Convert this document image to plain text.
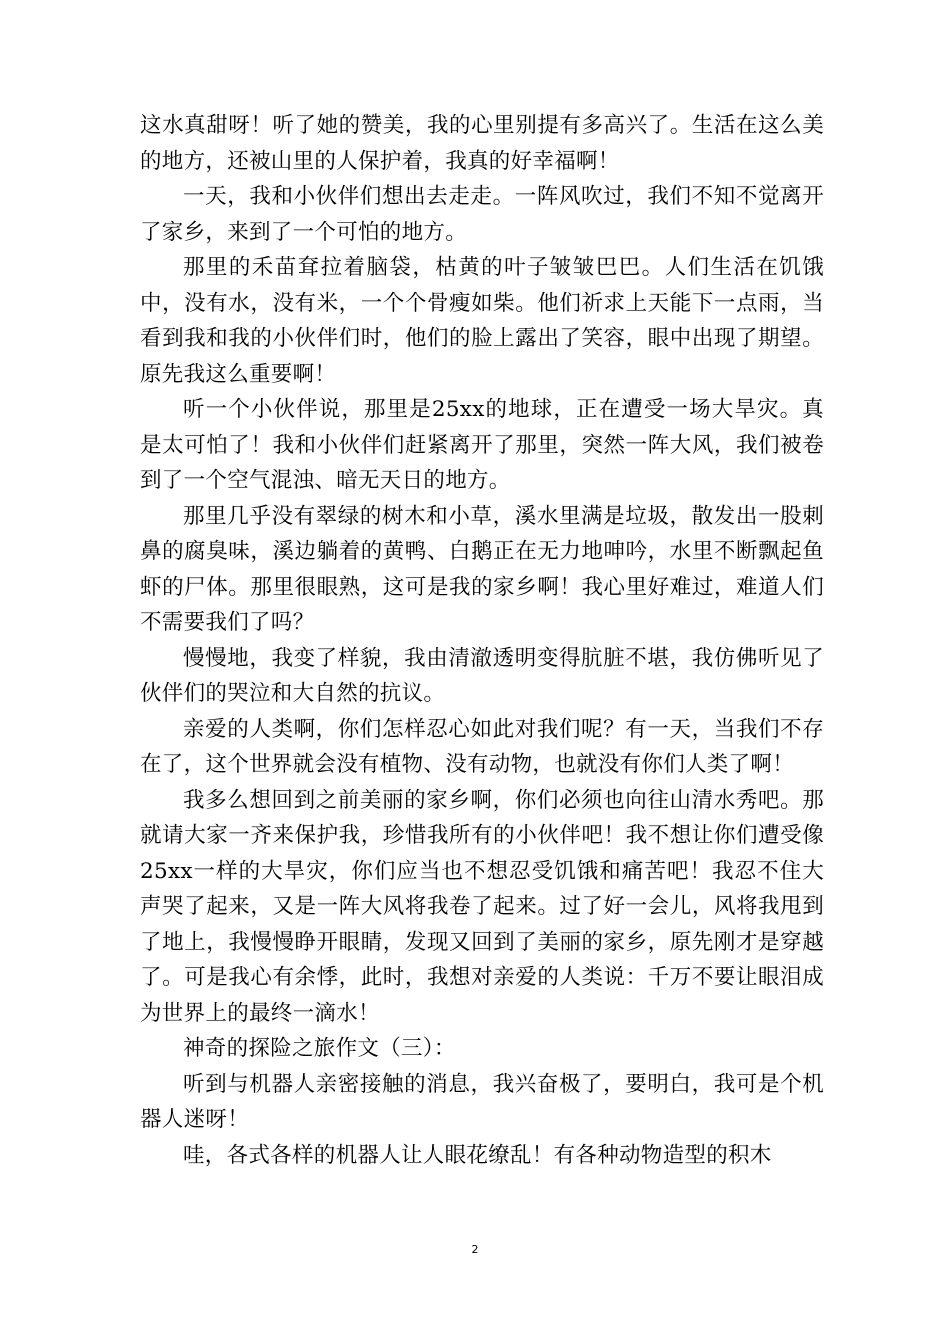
这水真甜呀！听了她的赞美，我的心里别提有多高兴了。生活在这么美的地方，还被山里的人保护着，我真的好幸福啊！

一天，我和小伙伴们想出去走走。一阵风吹过，我们不知不觉离开了家乡，来到了一个可怕的地方。

那里的禾苗耷拉着脑袋，枯黄的叶子皱皱巴巴。人们生活在饥饿中，没有水，没有米，一个个骨瘦如柴。他们祈求上天能下一点雨，当看到我和我的小伙伴们时，他们的脸上露出了笑容，眼中出现了期望。原先我这么重要啊！

听一个小伙伴说，那里是25xx的地球，正在遭受一场大旱灾。真是太可怕了！我和小伙伴们赶紧离开了那里，突然一阵大风，我们被卷到了一个空气混浊、暗无天日的地方。

那里几乎没有翠绿的树木和小草，溪水里满是垃圾，散发出一股刺鼻的腐臭味，溪边躺着的黄鸭、白鹅正在无力地呻吟，水里不断飘起鱼虾的尸体。那里很眼熟，这可是我的家乡啊！我心里好难过，难道人们不需要我们了吗？

慢慢地，我变了样貌，我由清澈透明变得肮脏不堪，我仿佛听见了伙伴们的哭泣和大自然的抗议。

亲爱的人类啊，你们怎样忍心如此对我们呢？有一天，当我们不存在了，这个世界就会没有植物、没有动物，也就没有你们人类了啊！

我多么想回到之前美丽的家乡啊，你们必须也向往山清水秀吧。那就请大家一齐来保护我，珍惜我所有的小伙伴吧！我不想让你们遭受像25xx一样的大旱灾，你们应当也不想忍受饥饿和痛苦吧！我忍不住大声哭了起来，又是一阵大风将我卷了起来。过了好一会儿，风将我甩到了地上，我慢慢睁开眼睛，发现又回到了美丽的家乡，原先刚才是穿越了。可是我心有余悸，此时，我想对亲爱的人类说：千万不要让眼泪成为世界上的最终一滴水！

神奇的探险之旅作文（三）：

听到与机器人亲密接触的消息，我兴奋极了，要明白，我可是个机器人迷呀！

哇，各式各样的机器人让人眼花缭乱！有各种动物造型的积木

2
